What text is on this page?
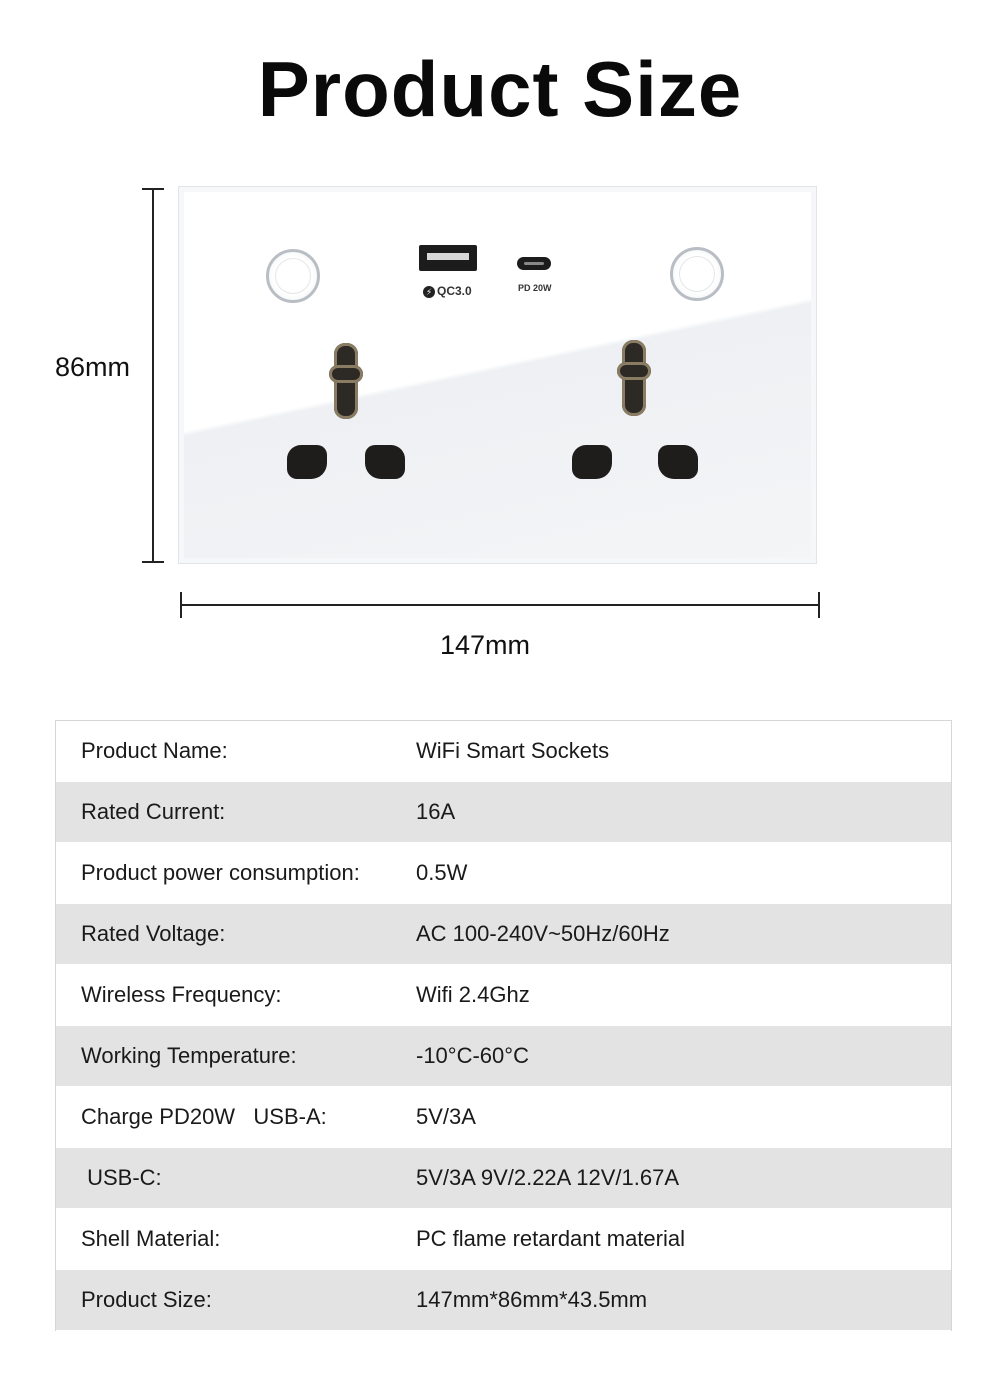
Product Size
86mm
⚡ QC3.0	PD 20W
147mm
Product Name:	WiFi Smart Sockets
Rated Current:	16A
Product power consumption:	0.5W
Rated Voltage:	AC 100-240V~50Hz/60Hz
Wireless Frequency:	Wifi 2.4Ghz
Working Temperature:	-10°C-60°C
Charge PD20W   USB-A:	5V/3A
USB-C:	5V/3A 9V/2.22A 12V/1.67A
Shell Material:	PC flame retardant material
Product Size:	147mm*86mm*43.5mm
